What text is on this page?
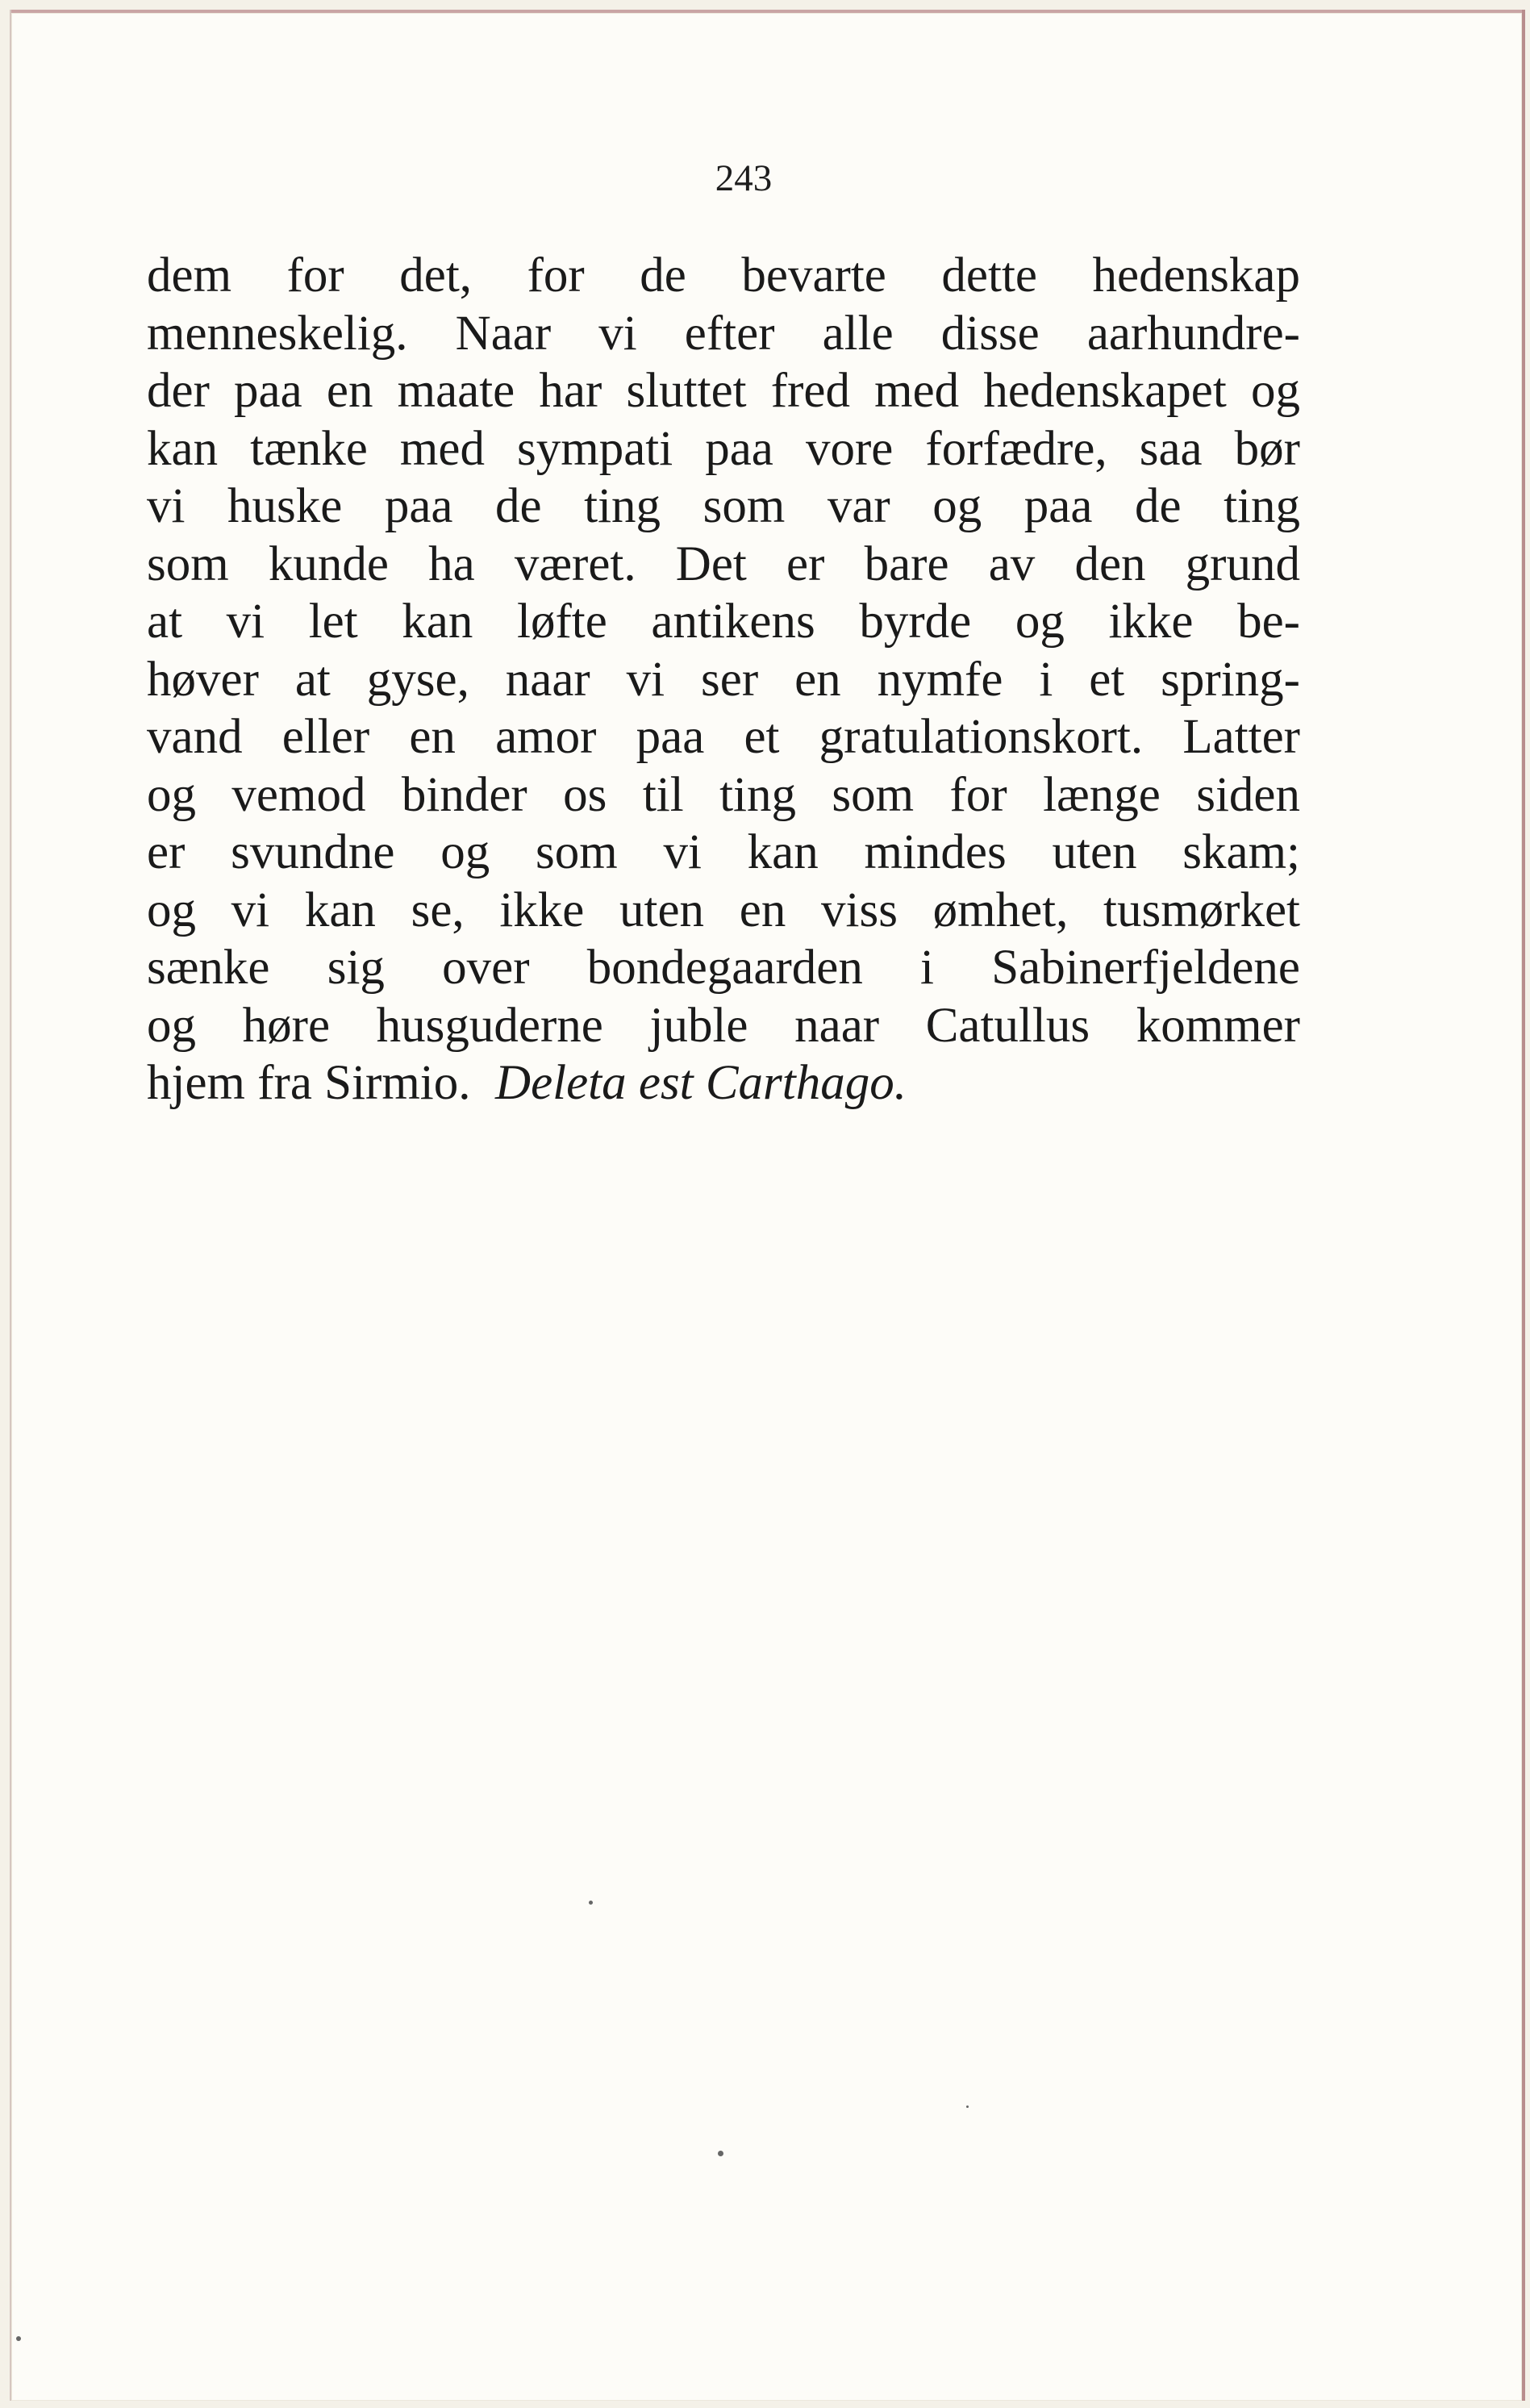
243

dem for det, for de bevarte dette hedenskap
menneskelig. Naar vi efter alle disse aarhundre-
der paa en maate har sluttet fred med hedenskapet og
kan tænke med sympati paa vore forfædre, saa bør
vi huske paa de ting som var og paa de ting
som kunde ha været. Det er bare av den grund
at vi let kan løfte antikens byrde og ikke be-
høver at gyse, naar vi ser en nymfe i et spring-
vand eller en amor paa et gratulationskort. Latter
og vemod binder os til ting som for længe siden
er svundne og som vi kan mindes uten skam;
og vi kan se, ikke uten en viss ømhet, tusmørket
sænke sig over bondegaarden i Sabinerfjeldene
og høre husguderne juble naar Catullus kommer
hjem fra Sirmio. Deleta est Carthago.
